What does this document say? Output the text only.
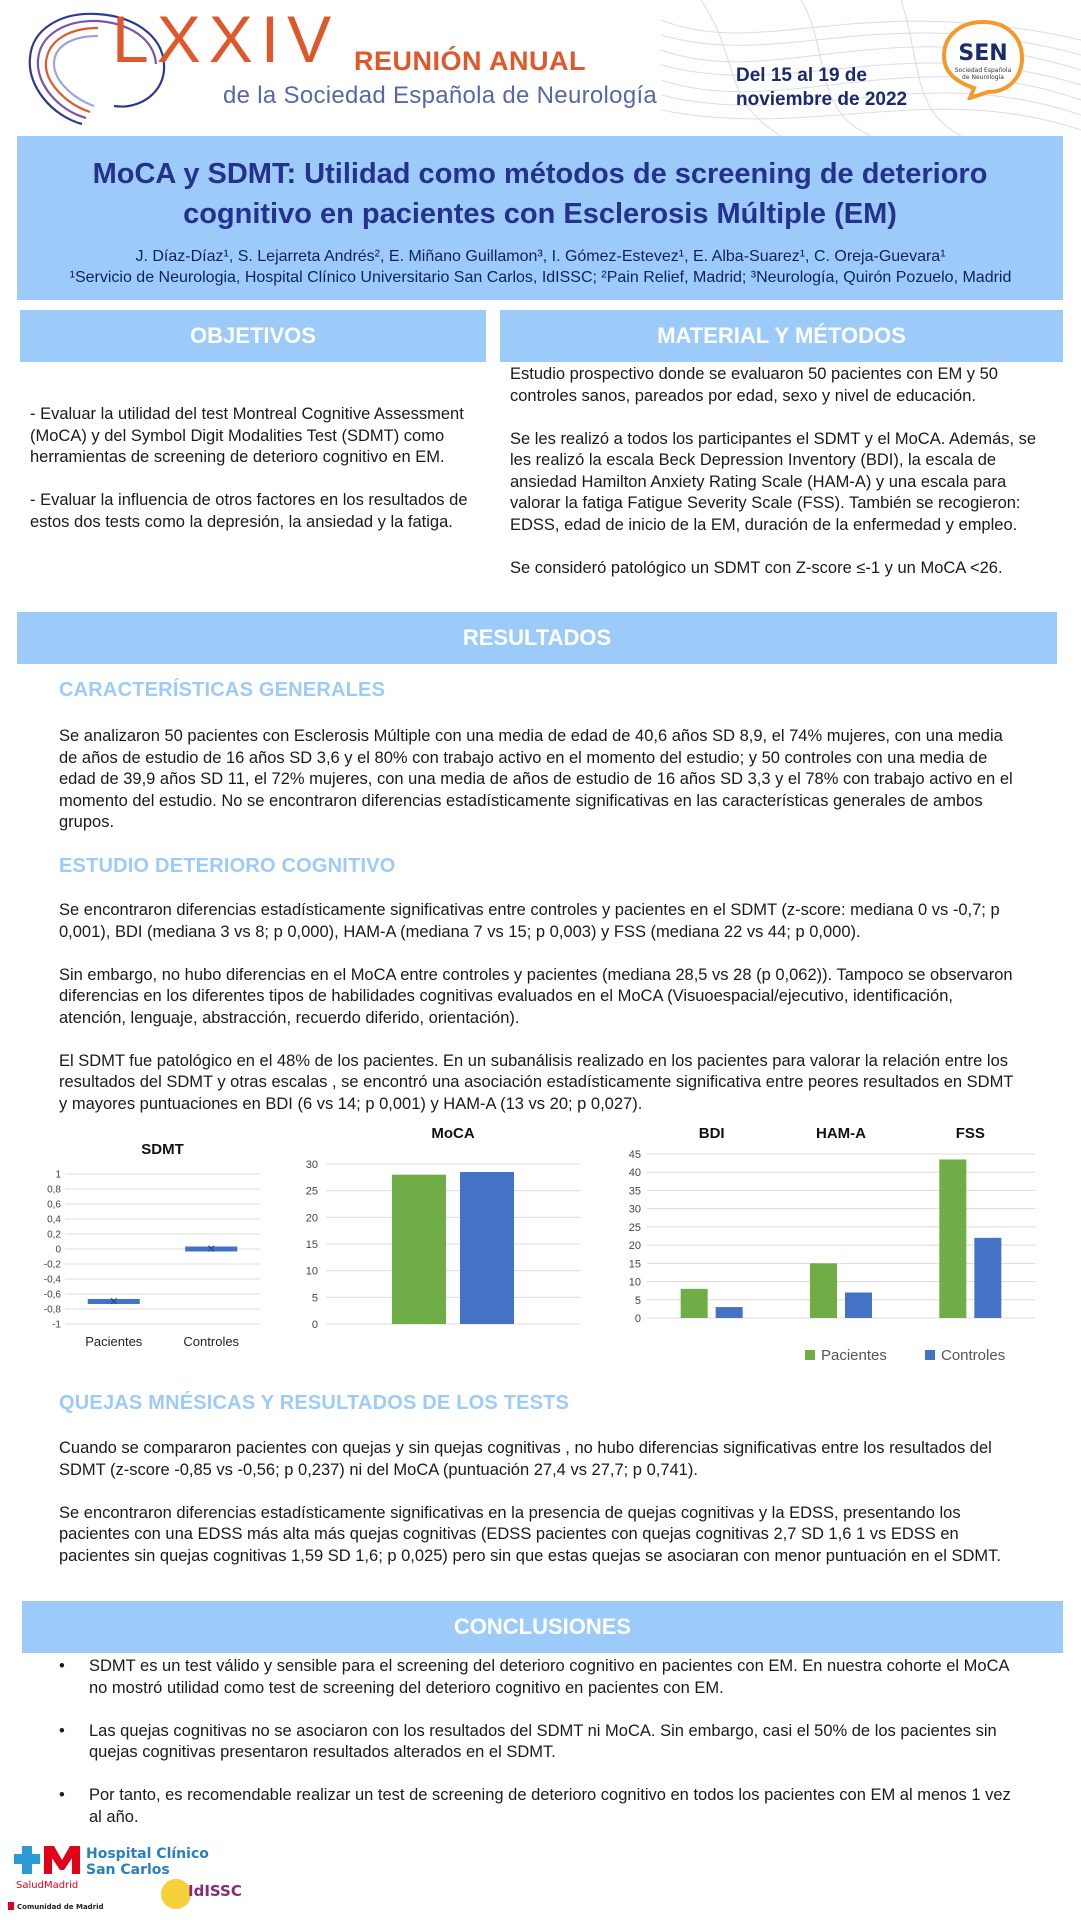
LXXIV REUNIÓN ANUAL
de la Sociedad Española de Neurología
Del 15 al 19 de
noviembre de 2022
SEN
Sociedad Española
de Neurología
MoCA y SDMT: Utilidad como métodos de screening de deterioro
cognitivo en pacientes con Esclerosis Múltiple (EM)
J. Díaz-Díaz¹, S. Lejarreta Andrés², E. Miñano Guillamon³, I. Gómez-Estevez¹, E. Alba-Suarez¹, C. Oreja-Guevara¹
¹Servicio de Neurologia, Hospital Clínico Universitario San Carlos, IdISSC; ²Pain Relief, Madrid; ³Neurología, Quirón Pozuelo, Madrid
OBJETIVOS

- Evaluar la utilidad del test Montreal Cognitive Assessment (MoCA) y del Symbol Digit Modalities Test (SDMT) como herramientas de screening de deterioro cognitivo en EM.

- Evaluar la influencia de otros factores en los resultados de estos dos tests como la depresión, la ansiedad y la fatiga.

MATERIAL Y MÉTODOS

Estudio prospectivo donde se evaluaron 50 pacientes con EM y 50 controles sanos, pareados por edad, sexo y nivel de educación.

Se les realizó a todos los participantes el SDMT y el MoCA. Además, se les realizó la escala Beck Depression Inventory (BDI), la escala de ansiedad Hamilton Anxiety Rating Scale (HAM-A) y una escala para valorar la fatiga Fatigue Severity Scale (FSS). También se recogieron: EDSS, edad de inicio de la EM, duración de la enfermedad y empleo.

Se consideró patológico un SDMT con Z-score ≤-1 y un MoCA <26.

RESULTADOS
CARACTERÍSTICAS GENERALES

Se analizaron 50 pacientes con Esclerosis Múltiple con una media de edad de 40,6 años SD 8,9, el 74% mujeres, con una media de años de estudio de 16 años SD 3,6 y el 80% con trabajo activo en el momento del estudio; y 50 controles con una media de edad de 39,9 años SD 11, el 72% mujeres, con una media de años de estudio de 16 años SD 3,3 y el 78% con trabajo activo en el momento del estudio. No se encontraron diferencias estadísticamente significativas en las características generales de ambos grupos.

ESTUDIO DETERIORO COGNITIVO

Se encontraron diferencias estadísticamente significativas entre controles y pacientes en el SDMT (z-score: mediana 0 vs -0,7; p 0,001), BDI (mediana 3 vs 8; p 0,000), HAM-A (mediana 7 vs 15; p 0,003) y FSS (mediana 22 vs 44; p 0,000).

Sin embargo, no hubo diferencias en el MoCA entre controles y pacientes (mediana 28,5 vs 28 (p 0,062)). Tampoco se observaron diferencias en los diferentes tipos de habilidades cognitivas evaluados en el MoCA (Visuoespacial/ejecutivo, identificación, atención, lenguaje, abstracción, recuerdo diferido, orientación).

El SDMT fue patológico en el 48% de los pacientes. En un subanálisis realizado en los pacientes para valorar la relación entre los resultados del SDMT y otras escalas , se encontró una asociación estadísticamente significativa entre peores resultados en SDMT y mayores puntuaciones en BDI (6 vs 14; p 0,001) y HAM-A (13 vs 20; p 0,027).

SDMT
1
0,8
0,6
0,4
0,2
0
-0,2
-0,4
-0,6
-0,8
-1
×
Pacientes
×
Controles
MoCA
30
25
20
15
10
5
0
45
40
35
30
25
20
15
10
5
0
BDI	HAM-A	FSS
Pacientes	Controles
QUEJAS MNÉSICAS Y RESULTADOS DE LOS TESTS

Cuando se compararon pacientes con quejas y sin quejas cognitivas , no hubo diferencias significativas entre los resultados del SDMT (z-score -0,85 vs -0,56; p 0,237) ni del MoCA (puntuación 27,4 vs 27,7; p 0,741).

Se encontraron diferencias estadísticamente significativas en la presencia de quejas cognitivas y la EDSS, presentando los pacientes con una EDSS más alta más quejas cognitivas (EDSS pacientes con quejas cognitivas 2,7 SD 1,6 1 vs EDSS en pacientes sin quejas cognitivas 1,59 SD 1,6; p 0,025) pero sin que estas quejas se asociaran con menor puntuación en el SDMT.

CONCLUSIONES
• SDMT es un test válido y sensible para el screening del deterioro cognitivo en pacientes con EM. En nuestra cohorte el MoCA no mostró utilidad como test de screening del deterioro cognitivo en pacientes con EM.
• Las quejas cognitivas no se asociaron con los resultados del SDMT ni MoCA. Sin embargo, casi el 50% de los pacientes sin quejas cognitivas presentaron resultados alterados en el SDMT.
• Por tanto, es recomendable realizar un test de screening de deterioro cognitivo en todos los pacientes con EM al menos 1 vez al año.
Hospital Clínico
San Carlos
SaludMadrid
Comunidad de Madrid
IdISSC
